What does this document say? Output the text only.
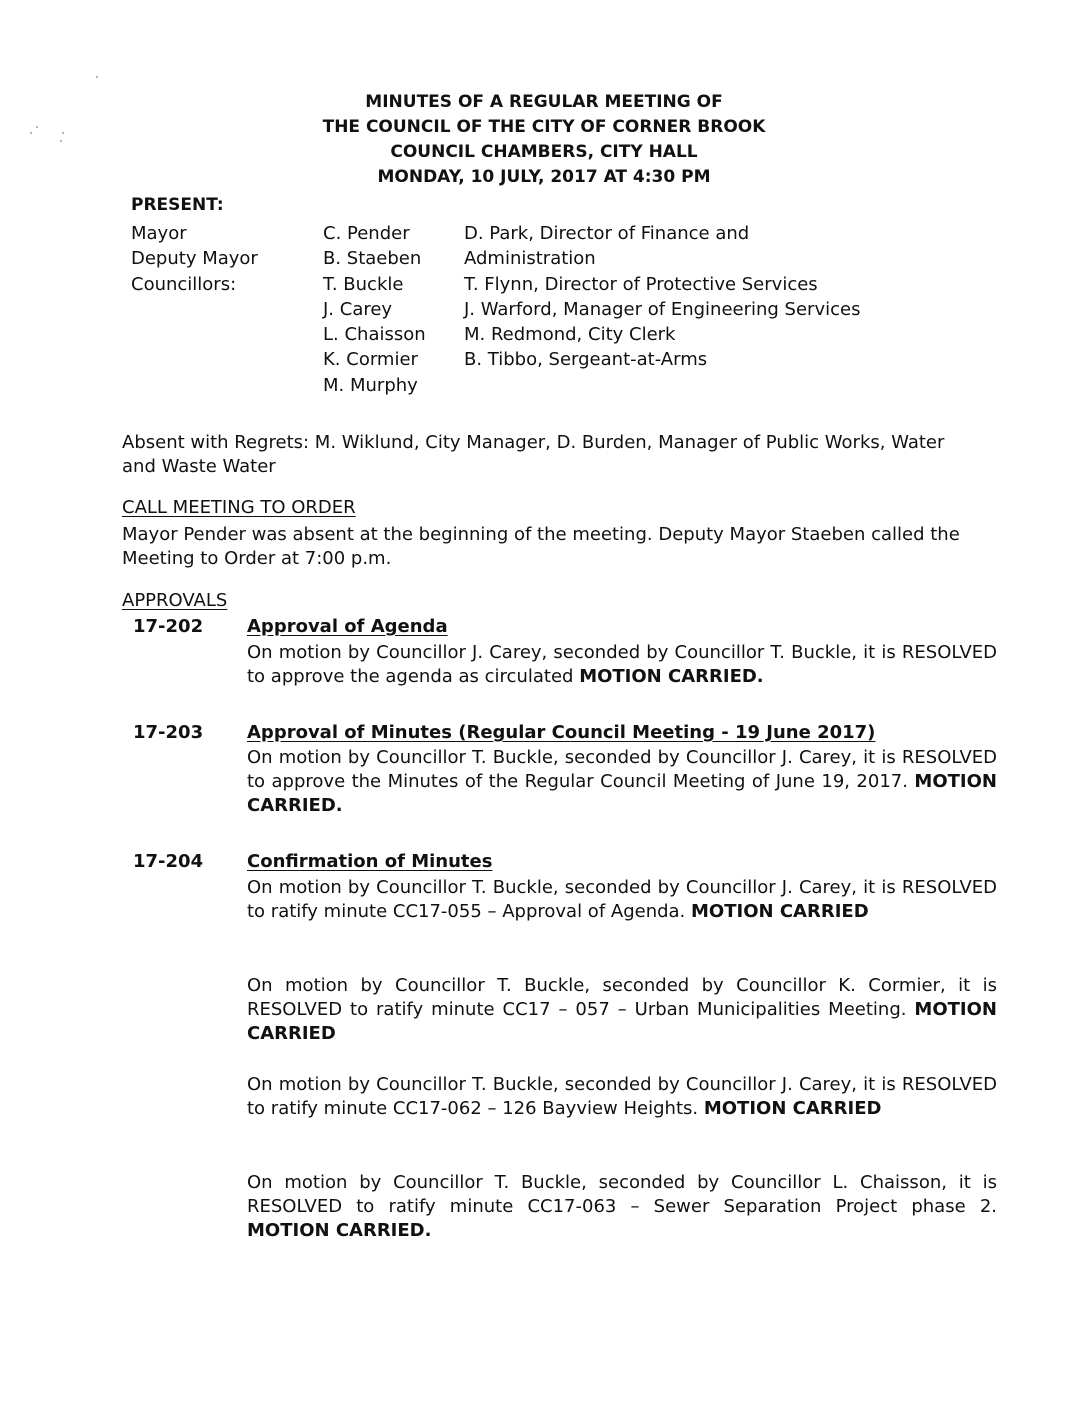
MINUTES OF A REGULAR MEETING OF
THE COUNCIL OF THE CITY OF CORNER BROOK
COUNCIL CHAMBERS, CITY HALL
MONDAY, 10 JULY, 2017 AT 4:30 PM
PRESENT:
Mayor
Deputy Mayor
Councillors:
C. Pender
B. Staeben
T. Buckle
J. Carey
L. Chaisson
K. Cormier
M. Murphy
D. Park, Director of Finance and
Administration
T. Flynn, Director of Protective Services
J. Warford, Manager of Engineering Services
M. Redmond, City Clerk
B. Tibbo, Sergeant-at-Arms

Absent with Regrets: M. Wiklund, City Manager, D. Burden, Manager of Public Works, Water and Waste Water

CALL MEETING TO ORDER

Mayor Pender was absent at the beginning of the meeting. Deputy Mayor Staeben called the Meeting to Order at 7:00 p.m.

APPROVALS
17-202 Approval of Agenda

On motion by Councillor J. Carey, seconded by Councillor T. Buckle, it is RESOLVED to approve the agenda as circulated MOTION CARRIED.

17-203 Approval of Minutes (Regular Council Meeting - 19 June 2017)

On motion by Councillor T. Buckle, seconded by Councillor J. Carey, it is RESOLVED to approve the Minutes of the Regular Council Meeting of June 19, 2017. MOTION CARRIED.

17-204 Confirmation of Minutes

On motion by Councillor T. Buckle, seconded by Councillor J. Carey, it is RESOLVED to ratify minute CC17-055 – Approval of Agenda. MOTION CARRIED

On motion by Councillor T. Buckle, seconded by Councillor K. Cormier, it is RESOLVED to ratify minute CC17 – 057 – Urban Municipalities Meeting. MOTION CARRIED

On motion by Councillor T. Buckle, seconded by Councillor J. Carey, it is RESOLVED to ratify minute CC17-062 – 126 Bayview Heights. MOTION CARRIED

On motion by Councillor T. Buckle, seconded by Councillor L. Chaisson, it is RESOLVED to ratify minute CC17-063 – Sewer Separation Project phase 2. MOTION CARRIED.
